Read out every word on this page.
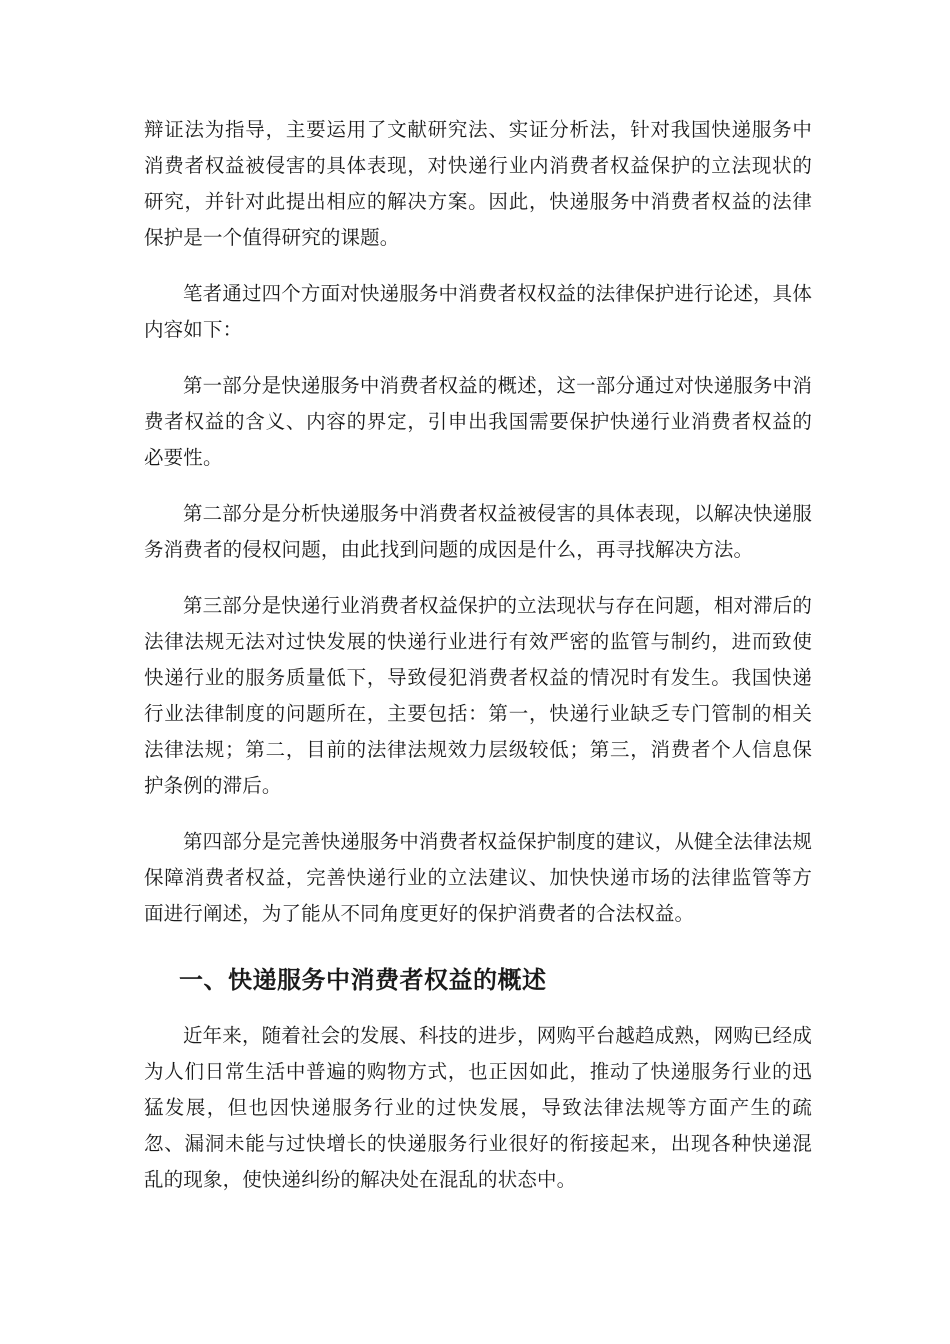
辩证法为指导，主要运用了文献研究法、实证分析法，针对我国快递服务中消费者权益被侵害的具体表现，对快递行业内消费者权益保护的立法现状的研究，并针对此提出相应的解决方案。因此，快递服务中消费者权益的法律保护是一个值得研究的课题。

笔者通过四个方面对快递服务中消费者权权益的法律保护进行论述，具体内容如下：

第一部分是快递服务中消费者权益的概述，这一部分通过对快递服务中消费者权益的含义、内容的界定，引申出我国需要保护快递行业消费者权益的必要性。

第二部分是分析快递服务中消费者权益被侵害的具体表现，以解决快递服务消费者的侵权问题，由此找到问题的成因是什么，再寻找解决方法。

第三部分是快递行业消费者权益保护的立法现状与存在问题，相对滞后的法律法规无法对过快发展的快递行业进行有效严密的监管与制约，进而致使快递行业的服务质量低下，导致侵犯消费者权益的情况时有发生。我国快递行业法律制度的问题所在，主要包括：第一，快递行业缺乏专门管制的相关法律法规；第二，目前的法律法规效力层级较低；第三，消费者个人信息保护条例的滞后。

第四部分是完善快递服务中消费者权益保护制度的建议，从健全法律法规保障消费者权益，完善快递行业的立法建议、加快快递市场的法律监管等方面进行阐述，为了能从不同角度更好的保护消费者的合法权益。

一、快递服务中消费者权益的概述

近年来，随着社会的发展、科技的进步，网购平台越趋成熟，网购已经成为人们日常生活中普遍的购物方式，也正因如此，推动了快递服务行业的迅猛发展，但也因快递服务行业的过快发展，导致法律法规等方面产生的疏忽、漏洞未能与过快增长的快递服务行业很好的衔接起来，出现各种快递混乱的现象，使快递纠纷的解决处在混乱的状态中。
